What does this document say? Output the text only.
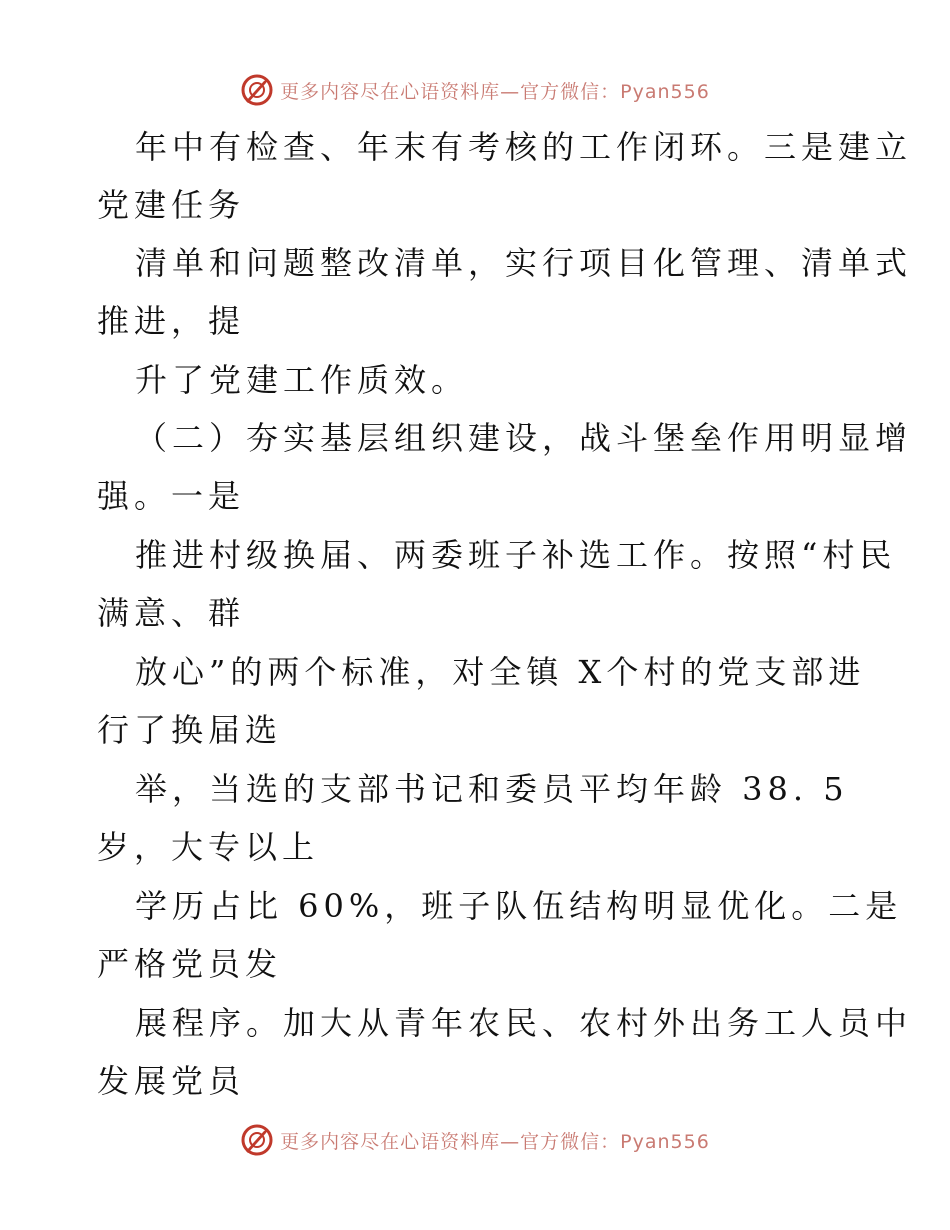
更多内容尽在心语资料库—官方微信：Pyan556
年中有检查、年末有考核的工作闭环。三是建立
党建任务
清单和问题整改清单，实行项目化管理、清单式
推进，提
升了党建工作质效。
（二）夯实基层组织建设，战斗堡垒作用明显增
强。一是
推进村级换届、两委班子补选工作。按照“村民
满意、群
放心”的两个标准，对全镇 X个村的党支部进
行了换届选
举，当选的支部书记和委员平均年龄 38. 5
岁，大专以上
学历占比 60%，班子队伍结构明显优化。二是
严格党员发
展程序。加大从青年农民、农村外出务工人员中
发展党员
更多内容尽在心语资料库—官方微信：Pyan556
